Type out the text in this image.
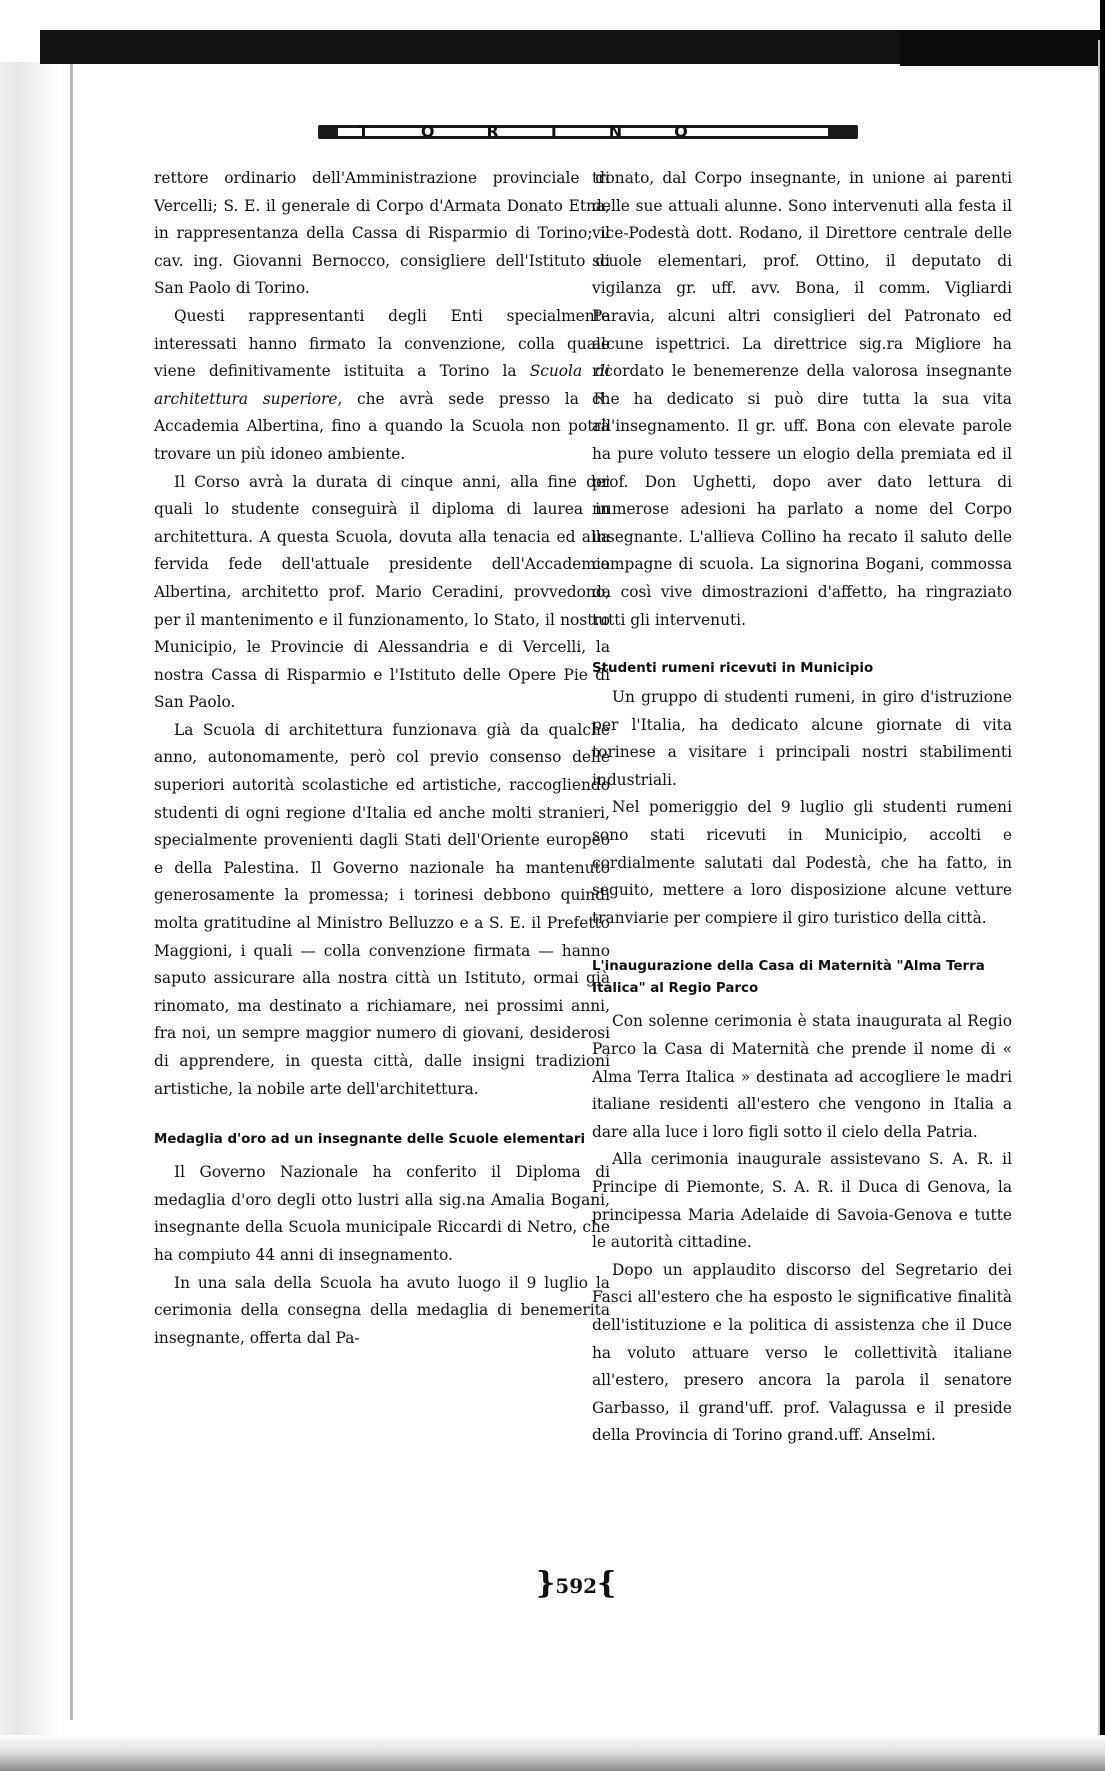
TORINO

rettore ordinario dell'Amministrazione provinciale di Vercelli; S. E. il generale di Corpo d'Armata Donato Etna, in rappresentanza della Cassa di Risparmio di Torino; il cav. ing. Giovanni Bernocco, consigliere dell'Istituto di San Paolo di Torino.

Questi rappresentanti degli Enti specialmente interessati hanno firmato la convenzione, colla quale viene definitivamente istituita a Torino la Scuola di architettura superiore, che avrà sede presso la R. Accademia Albertina, fino a quando la Scuola non potrà trovare un più idoneo ambiente.

Il Corso avrà la durata di cinque anni, alla fine dei quali lo studente conseguirà il diploma di laurea in architettura. A questa Scuola, dovuta alla tenacia ed alla fervida fede dell'attuale presidente dell'Accademia Albertina, architetto prof. Mario Ceradini, provvedono, per il mantenimento e il funzionamento, lo Stato, il nostro Municipio, le Provincie di Alessandria e di Vercelli, la nostra Cassa di Risparmio e l'Istituto delle Opere Pie di San Paolo.

La Scuola di architettura funzionava già da qualche anno, autonomamente, però col previo consenso delle superiori autorità scolastiche ed artistiche, raccogliendo studenti di ogni regione d'Italia ed anche molti stranieri, specialmente provenienti dagli Stati dell'Oriente europeo e della Palestina. Il Governo nazionale ha mantenuto generosamente la promessa; i torinesi debbono quindi molta gratitudine al Ministro Belluzzo e a S. E. il Prefetto Maggioni, i quali — colla convenzione firmata — hanno saputo assicurare alla nostra città un Istituto, ormai già rinomato, ma destinato a richiamare, nei prossimi anni, fra noi, un sempre maggior numero di giovani, desiderosi di apprendere, in questa città, dalle insigni tradizioni artistiche, la nobile arte dell'architettura.

Medaglia d'oro ad un insegnante delle Scuole elementari

Il Governo Nazionale ha conferito il Diploma di medaglia d'oro degli otto lustri alla sig.na Amalia Bogani, insegnante della Scuola municipale Riccardi di Netro, che ha compiuto 44 anni di insegnamento.

In una sala della Scuola ha avuto luogo il 9 luglio la cerimonia della consegna della medaglia di benemerita insegnante, offerta dal Pa-

tronato, dal Corpo insegnante, in unione ai parenti delle sue attuali alunne. Sono intervenuti alla festa il vice-Podestà dott. Rodano, il Direttore centrale delle scuole elementari, prof. Ottino, il deputato di vigilanza gr. uff. avv. Bona, il comm. Vigliardi Paravia, alcuni altri consiglieri del Patronato ed alcune ispettrici. La direttrice sig.ra Migliore ha ricordato le benemerenze della valorosa insegnante che ha dedicato si può dire tutta la sua vita all'insegnamento. Il gr. uff. Bona con elevate parole ha pure voluto tessere un elogio della premiata ed il prof. Don Ughetti, dopo aver dato lettura di numerose adesioni ha parlato a nome del Corpo insegnante. L'allieva Collino ha recato il saluto delle compagne di scuola. La signorina Bogani, commossa da così vive dimostrazioni d'affetto, ha ringraziato tutti gli intervenuti.

Studenti rumeni ricevuti in Municipio

Un gruppo di studenti rumeni, in giro d'istruzione per l'Italia, ha dedicato alcune giornate di vita torinese a visitare i principali nostri stabilimenti industriali.

Nel pomeriggio del 9 luglio gli studenti rumeni sono stati ricevuti in Municipio, accolti e cordialmente salutati dal Podestà, che ha fatto, in seguito, mettere a loro disposizione alcune vetture tranviarie per compiere il giro turistico della città.

L'inaugurazione della Casa di Maternità "Alma Terra Italica" al Regio Parco

Con solenne cerimonia è stata inaugurata al Regio Parco la Casa di Maternità che prende il nome di « Alma Terra Italica » destinata ad accogliere le madri italiane residenti all'estero che vengono in Italia a dare alla luce i loro figli sotto il cielo della Patria.

Alla cerimonia inaugurale assistevano S. A. R. il Principe di Piemonte, S. A. R. il Duca di Genova, la principessa Maria Adelaide di Savoia-Genova e tutte le autorità cittadine.

Dopo un applaudito discorso del Segretario dei Fasci all'estero che ha esposto le significative finalità dell'istituzione e la politica di assistenza che il Duce ha voluto attuare verso le collettività italiane all'estero, presero ancora la parola il senatore Garbasso, il grand'uff. prof. Valagussa e il preside della Provincia di Torino grand.uff. Anselmi.

}592{
